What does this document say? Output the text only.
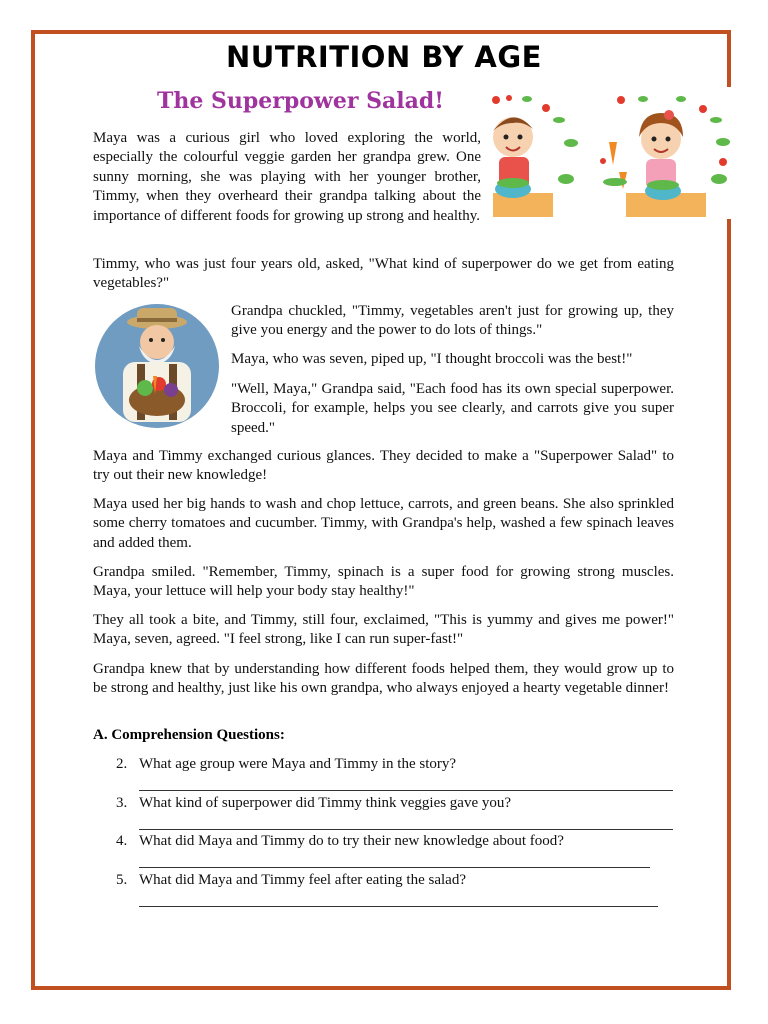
NUTRITION BY AGE
The Superpower Salad!
Maya was a curious girl who loved exploring the world, especially the colourful veggie garden her grandpa grew. One sunny morning, she was playing with her younger brother, Timmy, when they overheard their grandpa talking about the importance of different foods for growing up strong and healthy.
Timmy, who was just four years old, asked, "What kind of superpower do we get from eating vegetables?"
Grandpa chuckled, "Timmy, vegetables aren't just for growing up, they give you energy and the power to do lots of things."
Maya, who was seven, piped up, "I thought broccoli was the best!"
"Well, Maya," Grandpa said, "Each food has its own special superpower. Broccoli, for example, helps you see clearly, and carrots give you super speed."
Maya and Timmy exchanged curious glances. They decided to make a "Superpower Salad" to try out their new knowledge!
Maya used her big hands to wash and chop lettuce, carrots, and green beans. She also sprinkled some cherry tomatoes and cucumber. Timmy, with Grandpa's help, washed a few spinach leaves and added them.
Grandpa smiled. "Remember, Timmy, spinach is a super food for growing strong muscles. Maya, your lettuce will help your body stay healthy!"
They all took a bite, and Timmy, still four, exclaimed, "This is yummy and gives me power!" Maya, seven, agreed. "I feel strong, like I can run super-fast!"
Grandpa knew that by understanding how different foods helped them, they would grow up to be strong and healthy, just like his own grandpa, who always enjoyed a hearty vegetable dinner!
A. Comprehension Questions:
2. What age group were Maya and Timmy in the story?
3. What kind of superpower did Timmy think veggies gave you?
4. What did Maya and Timmy do to try their new knowledge about food?
5. What did Maya and Timmy feel after eating the salad?
